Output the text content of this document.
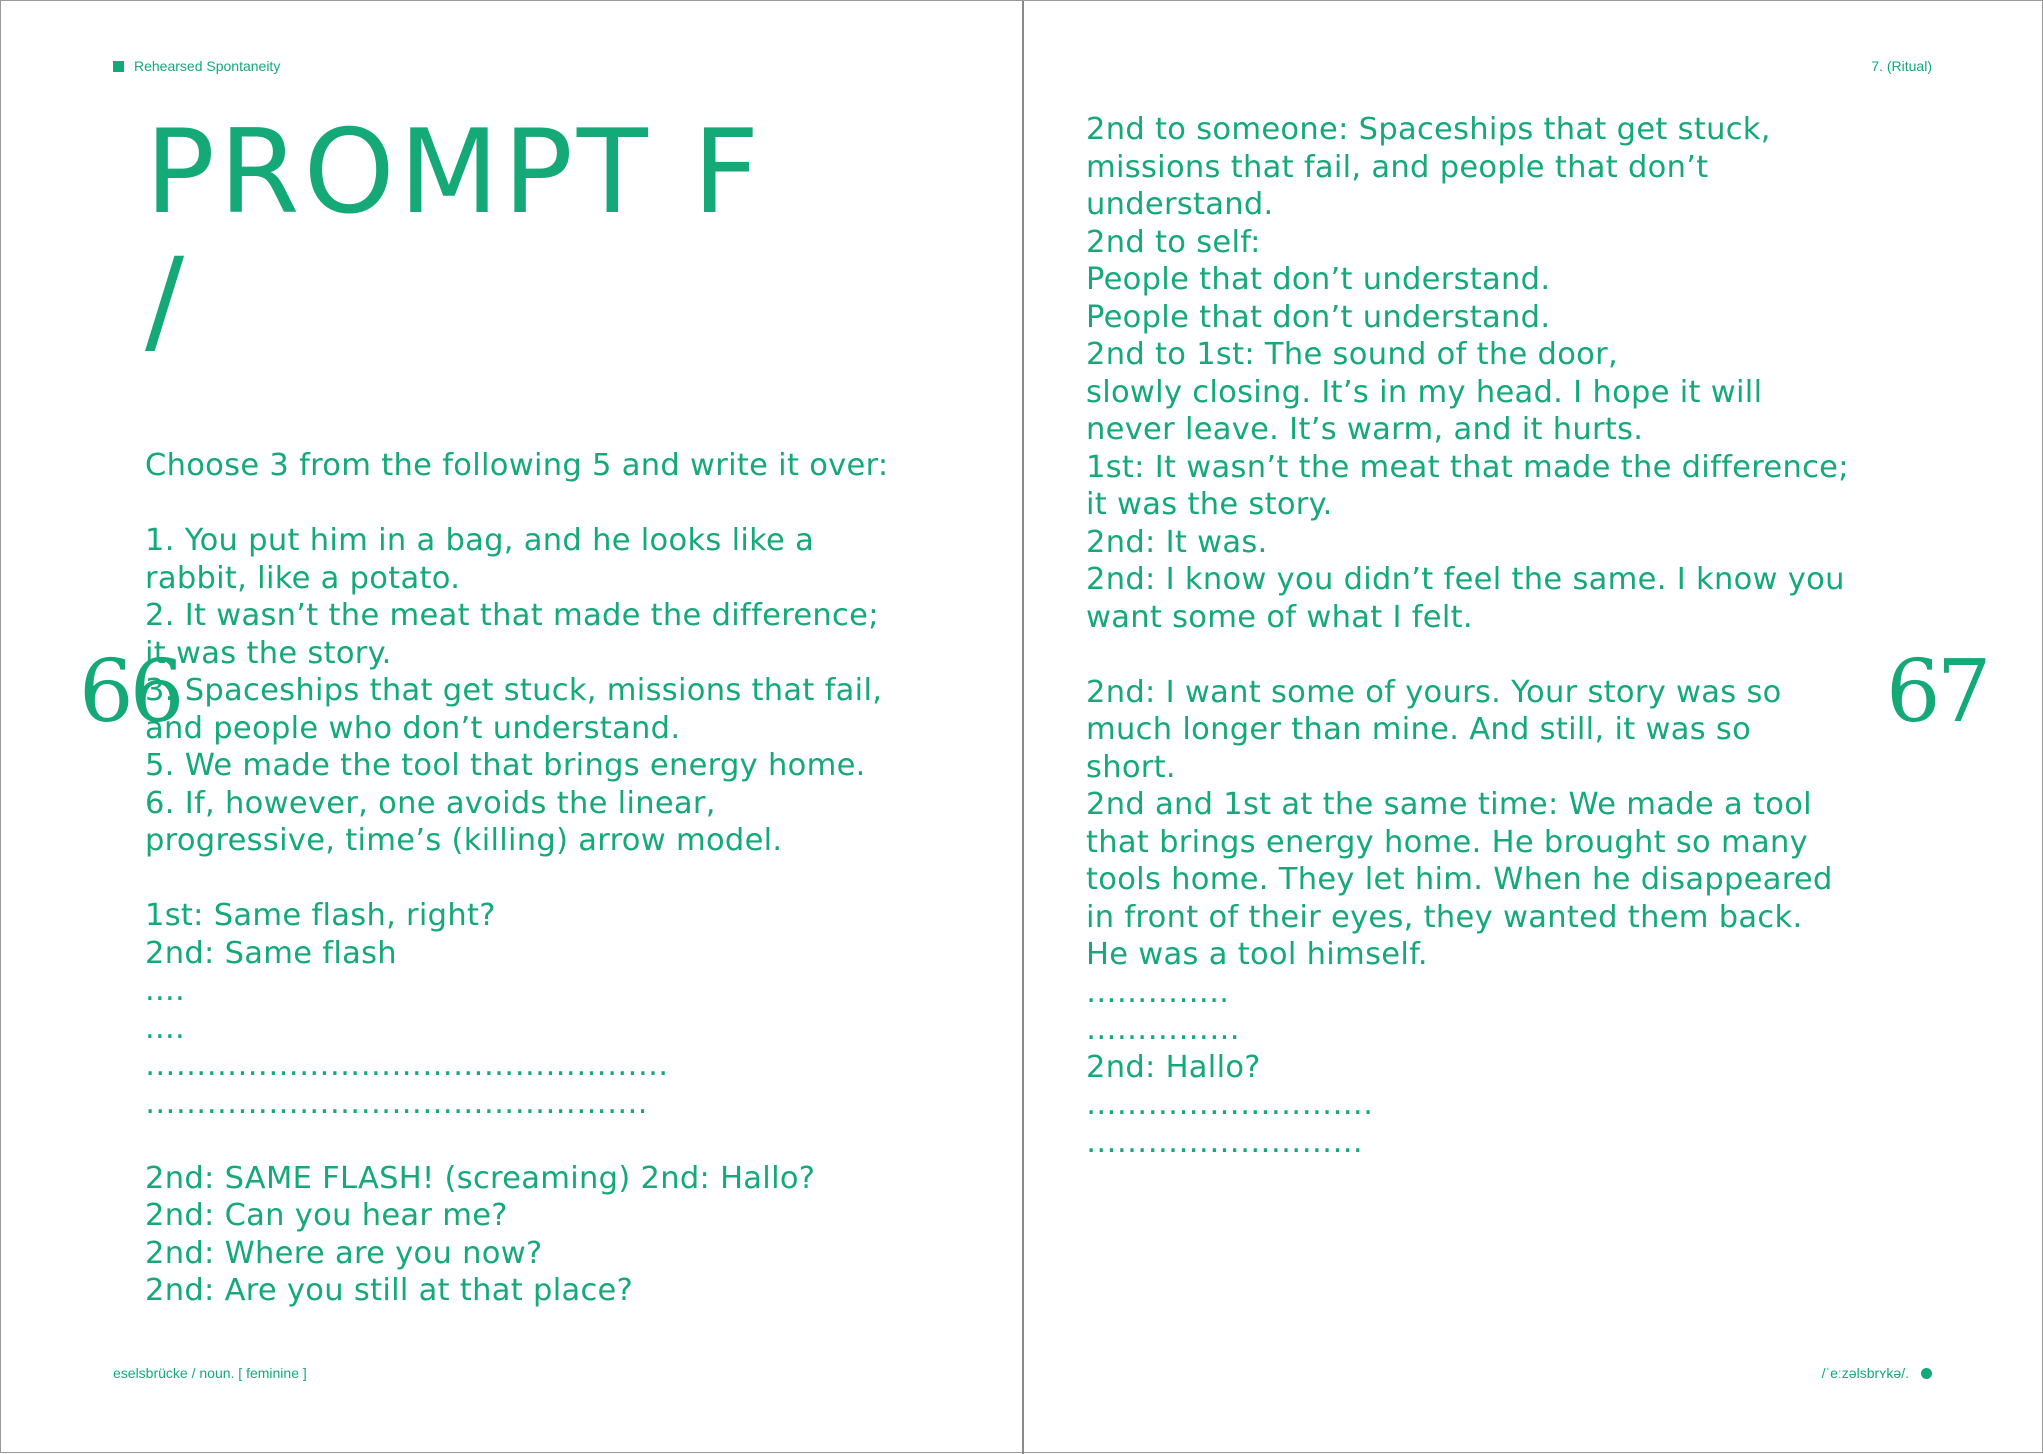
Rehearsed Spontaneity
PROMPT F
/
66
Choose 3 from the following 5 and write it over:
1. You put him in a bag, and he looks like a
rabbit, like a potato.
2. It wasn’t the meat that made the difference;
it was the story.
3. Spaceships that get stuck, missions that fail,
and people who don’t understand.
5. We made the tool that brings energy home.
6. If, however, one avoids the linear,
progressive, time’s (killing) arrow model.
1st: Same flash, right?
2nd: Same flash
....
....
……………………………………………
………………………………………….
2nd: SAME FLASH! (screaming) 2nd: Hallo?
2nd: Can you hear me?
2nd: Where are you now?
2nd: Are you still at that place?
eselsbrücke / noun. [ feminine ]
7. (Ritual)
2nd to someone: Spaceships that get stuck,
missions that fail, and people that don’t
understand.
2nd to self:
People that don’t understand.
People that don’t understand.
2nd to 1st: The sound of the door,
slowly closing. It’s in my head. I hope it will
never leave. It’s warm, and it hurts.
1st: It wasn’t the meat that made the difference;
it was the story.
2nd: It was.
2nd: I know you didn’t feel the same. I know you
want some of what I felt.
2nd: I want some of yours. Your story was so
much longer than mine. And still, it was so
short.
2nd and 1st at the same time: We made a tool
that brings energy home. He brought so many
tools home. They let him. When he disappeared
in front of their eyes, they wanted them back.
He was a tool himself.
…………..
……………
2nd: Hallo?
……………………….
………………………
67
/ˈeːzəlsbrʏkə/.
